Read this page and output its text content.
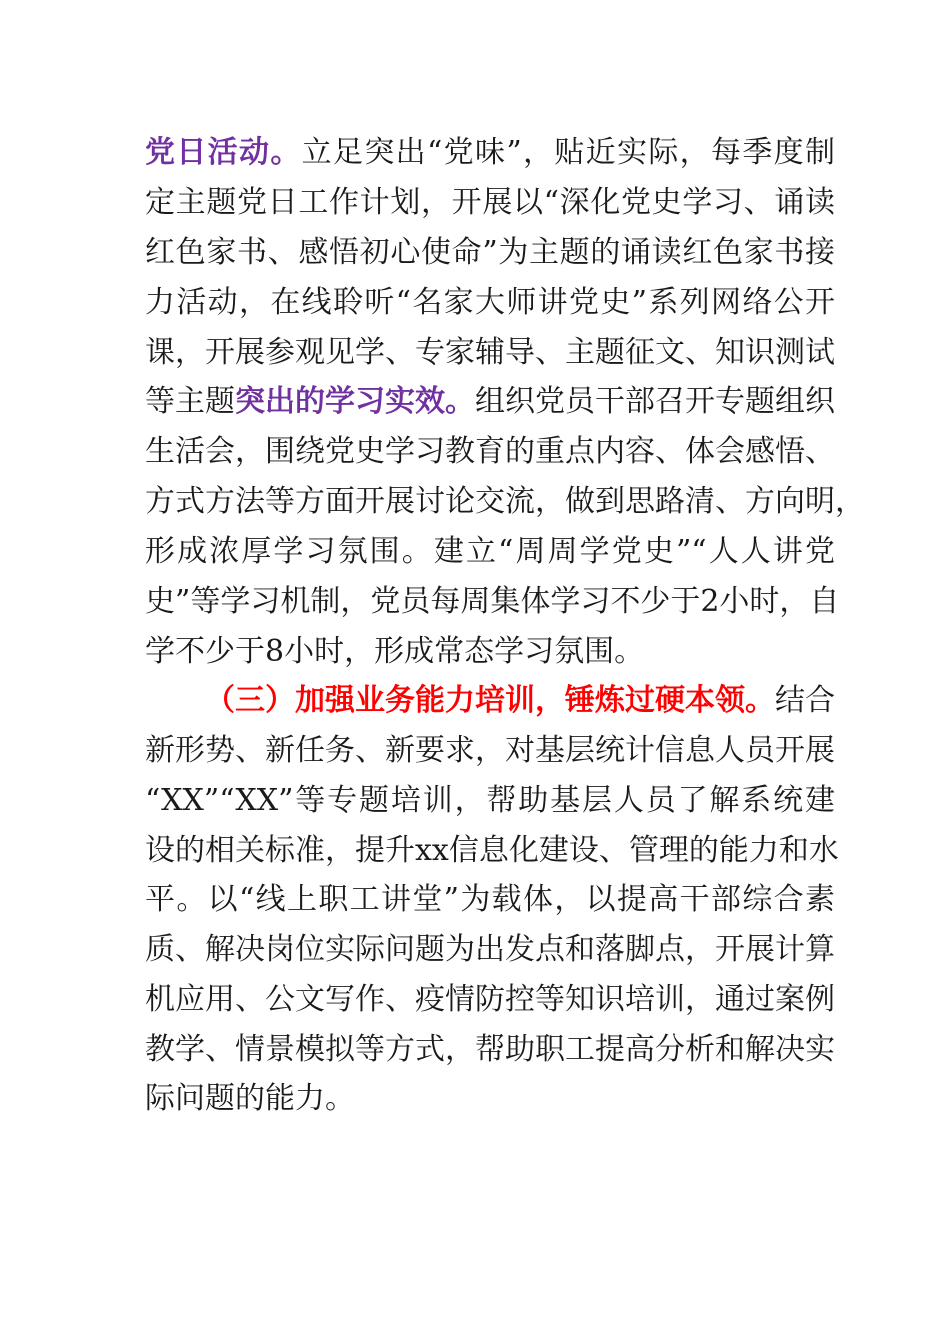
党日活动。立足突出“党味”，贴近实际，每季度制
定主题党日工作计划，开展以“深化党史学习、诵读
红色家书、感悟初心使命”为主题的诵读红色家书接
力活动，在线聆听“名家大师讲党史”系列网络公开
课，开展参观见学、专家辅导、主题征文、知识测试
等主题突出的学习实效。组织党员干部召开专题组织
生活会，围绕党史学习教育的重点内容、体会感悟、
方式方法等方面开展讨论交流，做到思路清、方向明，
形成浓厚学习氛围。建立“周周学党史”“人人讲党
史”等学习机制，党员每周集体学习不少于2小时，自
学不少于8小时，形成常态学习氛围。
（三）加强业务能力培训，锤炼过硬本领。结合
新形势、新任务、新要求，对基层统计信息人员开展
“XX”“XX”等专题培训，帮助基层人员了解系统建
设的相关标准，提升xx信息化建设、管理的能力和水
平。以“线上职工讲堂”为载体，以提高干部综合素
质、解决岗位实际问题为出发点和落脚点，开展计算
机应用、公文写作、疫情防控等知识培训，通过案例
教学、情景模拟等方式，帮助职工提高分析和解决实
际问题的能力。
